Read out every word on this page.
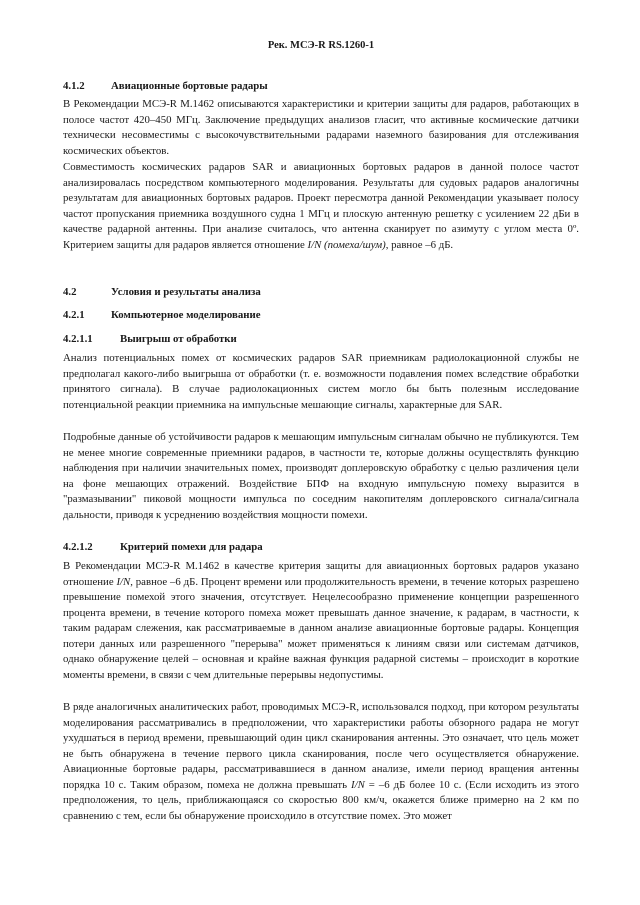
Рек. МСЭ-R RS.1260-1
4.1.2 Авиационные бортовые радары

В Рекомендации МСЭ-R M.1462 описываются характеристики и критерии защиты для радаров, работающих в полосе частот 420–450 МГц. Заключение предыдущих анализов гласит, что активные космические датчики технически несовместимы с высокочувствительными радарами наземного базирования для отслеживания космических объектов.

Совместимость космических радаров SAR и авиационных бортовых радаров в данной полосе частот анализировалась посредством компьютерного моделирования. Результаты для судовых радаров аналогичны результатам для авиационных бортовых радаров. Проект пересмотра данной Рекомендации указывает полосу частот пропускания приемника воздушного судна 1 МГц и плоскую антенную решетку с усилением 22 дБи в качестве радарной антенны. При анализе считалось, что антенна сканирует по азимуту с углом места 0º. Критерием защиты для радаров является отношение I/N (помеха/шум), равное –6 дБ.

4.2	Условия и результаты анализа
4.2.1 Компьютерное моделирование
4.2.1.1	Выигрыш от обработки

Анализ потенциальных помех от космических радаров SAR приемникам радиолокационной службы не предполагал какого-либо выигрыша от обработки (т. е. возможности подавления помех вследствие обработки принятого сигнала). В случае радиолокационных систем могло бы быть полезным исследование потенциальной реакции приемника на импульсные мешающие сигналы, характерные для SAR.

Подробные данные об устойчивости радаров к мешающим импульсным сигналам обычно не публикуются. Тем не менее многие современные приемники радаров, в частности те, которые должны осуществлять функцию наблюдения при наличии значительных помех, производят доплеровскую обработку с целью различения цели на фоне мешающих отражений. Воздействие БПФ на входную импульсную помеху выразится в "размазывании" пиковой мощности импульса по соседним накопителям доплеровского сигнала/сигнала дальности, приводя к усреднению воздействия мощности помехи.

4.2.1.2	Критерий помехи для радара

В Рекомендации МСЭ-R M.1462 в качестве критерия защиты для авиационных бортовых радаров указано отношение I/N, равное –6 дБ. Процент времени или продолжительность времени, в течение которых разрешено превышение помехой этого значения, отсутствует. Нецелесообразно применение концепции разрешенного процента времени, в течение которого помеха может превышать данное значение, к радарам, в частности, к таким радарам слежения, как рассматриваемые в данном анализе авиационные бортовые радары. Концепция потери данных или разрешенного "перерыва" может применяться к линиям связи или системам датчиков, однако обнаружение целей – основная и крайне важная функция радарной системы – происходит в короткие моменты времени, в связи с чем длительные перерывы недопустимы.

В ряде аналогичных аналитических работ, проводимых МСЭ-R, использовался подход, при котором результаты моделирования рассматривались в предположении, что характеристики работы обзорного радара не могут ухудшаться в период времени, превышающий один цикл сканирования антенны. Это означает, что цель может не быть обнаружена в течение первого цикла сканирования, после чего осуществляется обнаружение. Авиационные бортовые радары, рассматривавшиеся в данном анализе, имели период вращения антенны порядка 10 с. Таким образом, помеха не должна превышать I/N = –6 дБ более 10 с. (Если исходить из этого предположения, то цель, приближающаяся со скоростью 800 км/ч, окажется ближе примерно на 2 км по сравнению с тем, если бы обнаружение происходило в отсутствие помех. Это может
